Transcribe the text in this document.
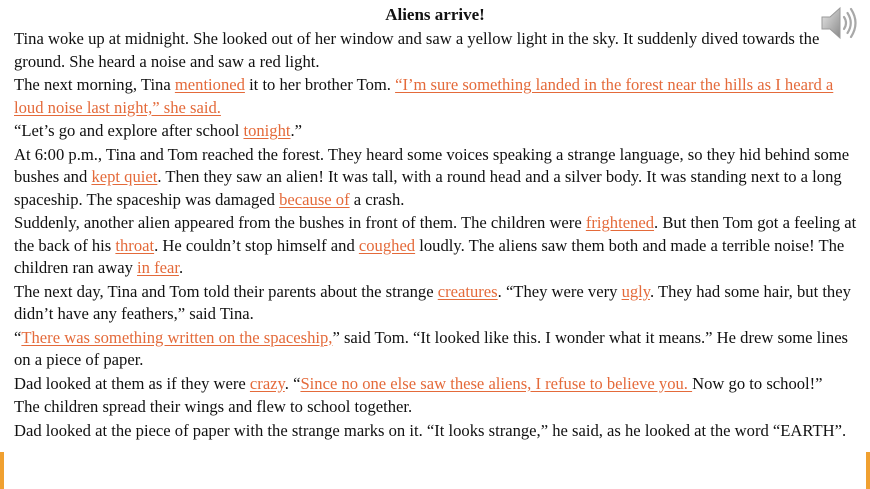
Aliens arrive!
Tina woke up at midnight. She looked out of her window and saw a yellow light in the sky. It suddenly dived towards the ground. She heard a noise and saw a red light.
The next morning, Tina mentioned it to her brother Tom. “I’m sure something landed in the forest near the hills as I heard a loud noise last night,” she said.
“Let’s go and explore after school tonight.”
At 6:00 p.m., Tina and Tom reached the forest. They heard some voices speaking a strange language, so they hid behind some bushes and kept quiet. Then they saw an alien! It was tall, with a round head and a silver body. It was standing next to a long spaceship. The spaceship was damaged because of a crash.
Suddenly, another alien appeared from the bushes in front of them. The children were frightened. But then Tom got a feeling at the back of his throat. He couldn’t stop himself and coughed loudly. The aliens saw them both and made a terrible noise! The children ran away in fear.
The next day, Tina and Tom told their parents about the strange creatures. “They were very ugly. They had some hair, but they didn’t have any feathers,” said Tina.
“There was something written on the spaceship,” said Tom. “It looked like this. I wonder what it means.” He drew some lines on a piece of paper.
Dad looked at them as if they were crazy. “Since no one else saw these aliens, I refuse to believe you. Now go to school!”
The children spread their wings and flew to school together.
Dad looked at the piece of paper with the strange marks on it. “It looks strange,” he said, as he looked at the word “EARTH”.
